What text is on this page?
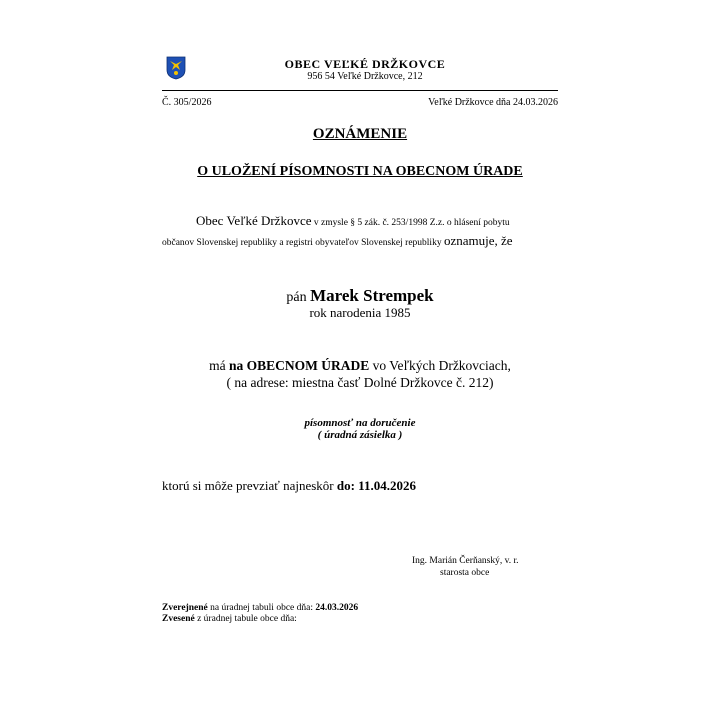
OBEC VEĽKÉ DRŽKOVCE
956 54 Veľké Držkovce, 212
Č. 305/2026	Veľké Držkovce dňa 24.03.2026
OZNÁMENIE
O ULOŽENÍ PÍSOMNOSTI NA OBECNOM ÚRADE
Obec Veľké Držkovce v zmysle § 5 zák. č. 253/1998 Z.z. o hlásení pobytu
občanov Slovenskej republiky a registri obyvateľov Slovenskej republiky oznamuje, že
pán Marek Strempek
rok narodenia 1985
má na OBECNOM ÚRADE vo Veľkých Držkovciach,
( na adrese: miestna časť Dolné Držkovce č. 212)
písomnosť na doručenie
( úradná zásielka )
ktorú si môže prevziať najneskôr do: 11.04.2026
Ing. Marián Čerňanský, v. r.
starosta obce
Zverejnené na úradnej tabuli obce dňa: 24.03.2026
Zvesené z úradnej tabule obce dňa:
